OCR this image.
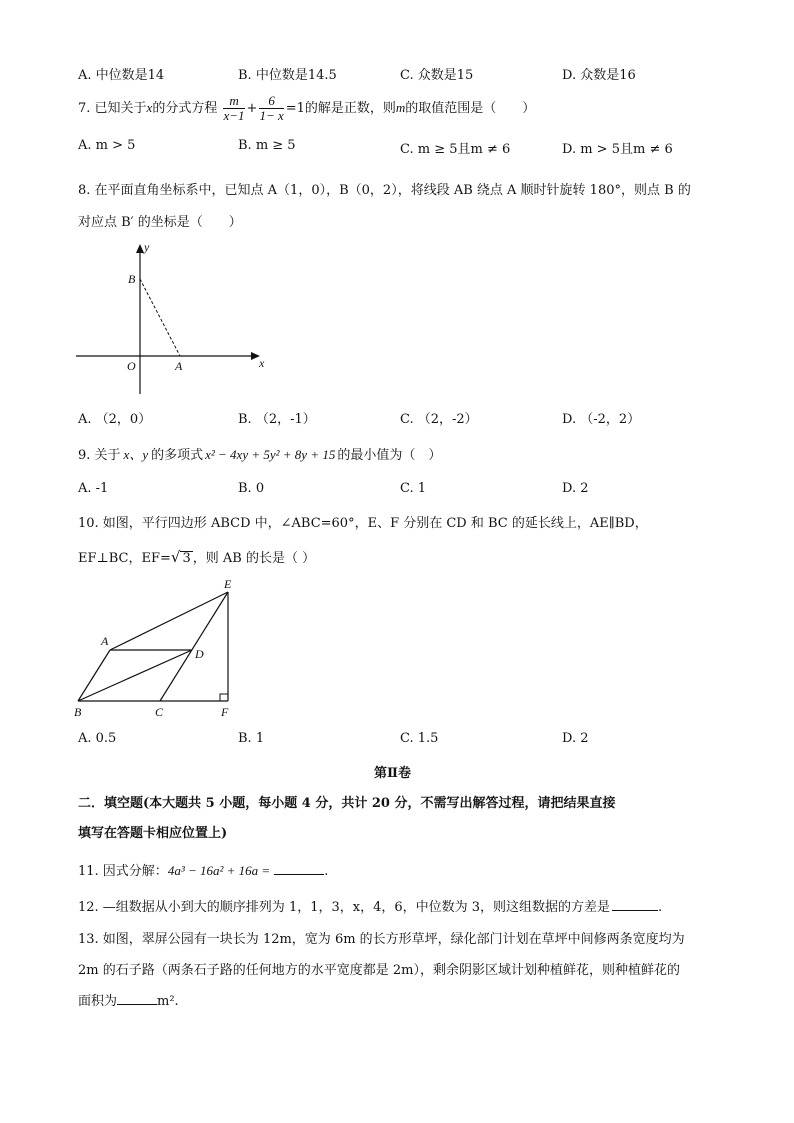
A. 中位数是14	B. 中位数是14.5	C. 众数是15	D. 众数是16
7. 已知关于x的分式方程 $\frac{m}{x-1} + \frac{6}{1- x} =1$的解是正数，则m的取值范围是（　　）
A. m > 5	B. m ≥ 5	C. m ≥ 5且m ≠ 6	D. m > 5且m ≠ 6
8. 在平面直角坐标系中，已知点 A（1，0），B（0，2），将线段 AB 绕点 A 顺时针旋转 180°，则点 B 的
对应点 B′ 的坐标是（　　）
y
x
B
O	A
A. （2，0）	B. （2，-1）	C. （2，-2）	D. （-2，2）
9. 关于 x、y 的多项式 x² − 4xy + 5y² + 8y + 15 的最小值为（　）
A. -1	B. 0	C. 1	D. 2
10. 如图，平行四边形 ABCD 中，∠ABC=60°，E、F 分别在 CD 和 BC 的延长线上，AE∥BD，
EF⊥BC，EF=√ 3 ，则 AB 的长是（ ）
E
A
D
B	C	F
A. 0.5	B. 1	C. 1.5	D. 2
第Ⅱ卷
二．填空题(本大题共 5 小题，每小题 4 分，共计 20 分，不需写出解答过程，请把结果直接
填写在答题卡相应位置上)
11. 因式分解：4a³ − 16a² + 16a =	.
12. —组数据从小到大的顺序排列为 1，1，3，x，4，6，中位数为 3，则这组数据的方差是	.
13. 如图，翠屏公园有一块长为 12m，宽为 6m 的长方形草坪，绿化部门计划在草坪中间修两条宽度均为
2m 的石子路（两条石子路的任何地方的水平宽度都是 2m），剩余阴影区域计划种植鲜花，则种植鲜花的
面积为	m².
